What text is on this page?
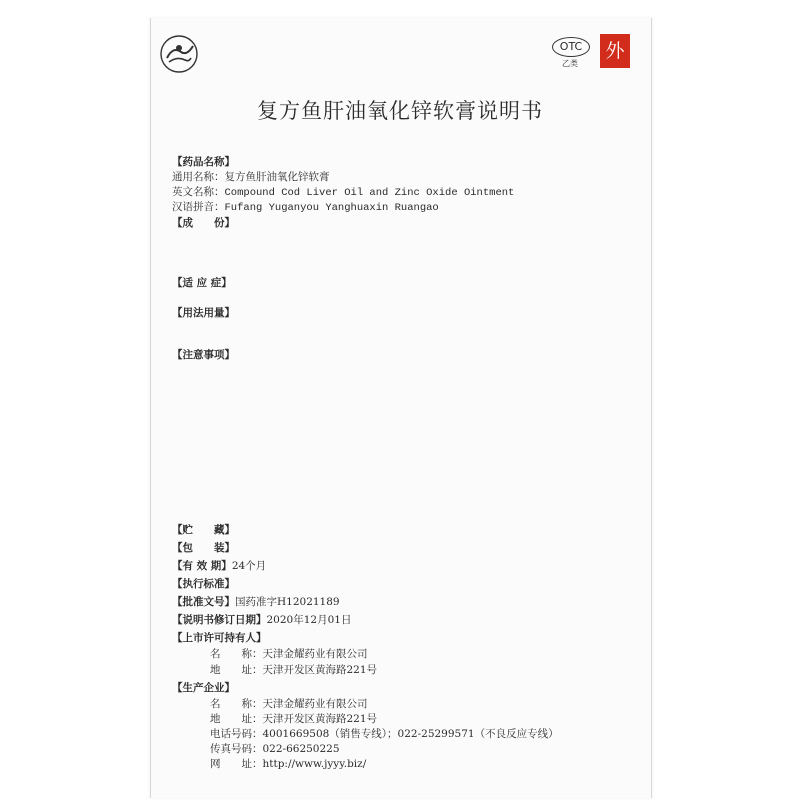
OTC
乙类
外
复方鱼肝油氧化锌软膏说明书
【药品名称】
通用名称：复方鱼肝油氧化锌软膏
英文名称：Compound Cod Liver Oil and Zinc Oxide Ointment
汉语拼音：Fufang Yuganyou Yanghuaxin Ruangao
【成　　份】
【适 应 症】
【用法用量】
【注意事项】
【贮　　藏】
【包　　装】
【有 效 期】24个月
【执行标准】
【批准文号】国药准字H12021189
【说明书修订日期】2020年12月01日
【上市许可持有人】
名　　称：天津金耀药业有限公司
地　　址：天津开发区黄海路221号
【生产企业】
名　　称：天津金耀药业有限公司
地　　址：天津开发区黄海路221号
电话号码：4001669508（销售专线）；022-25299571（不良反应专线）
传真号码：022-66250225
网　　址：http://www.jyyy.biz/
